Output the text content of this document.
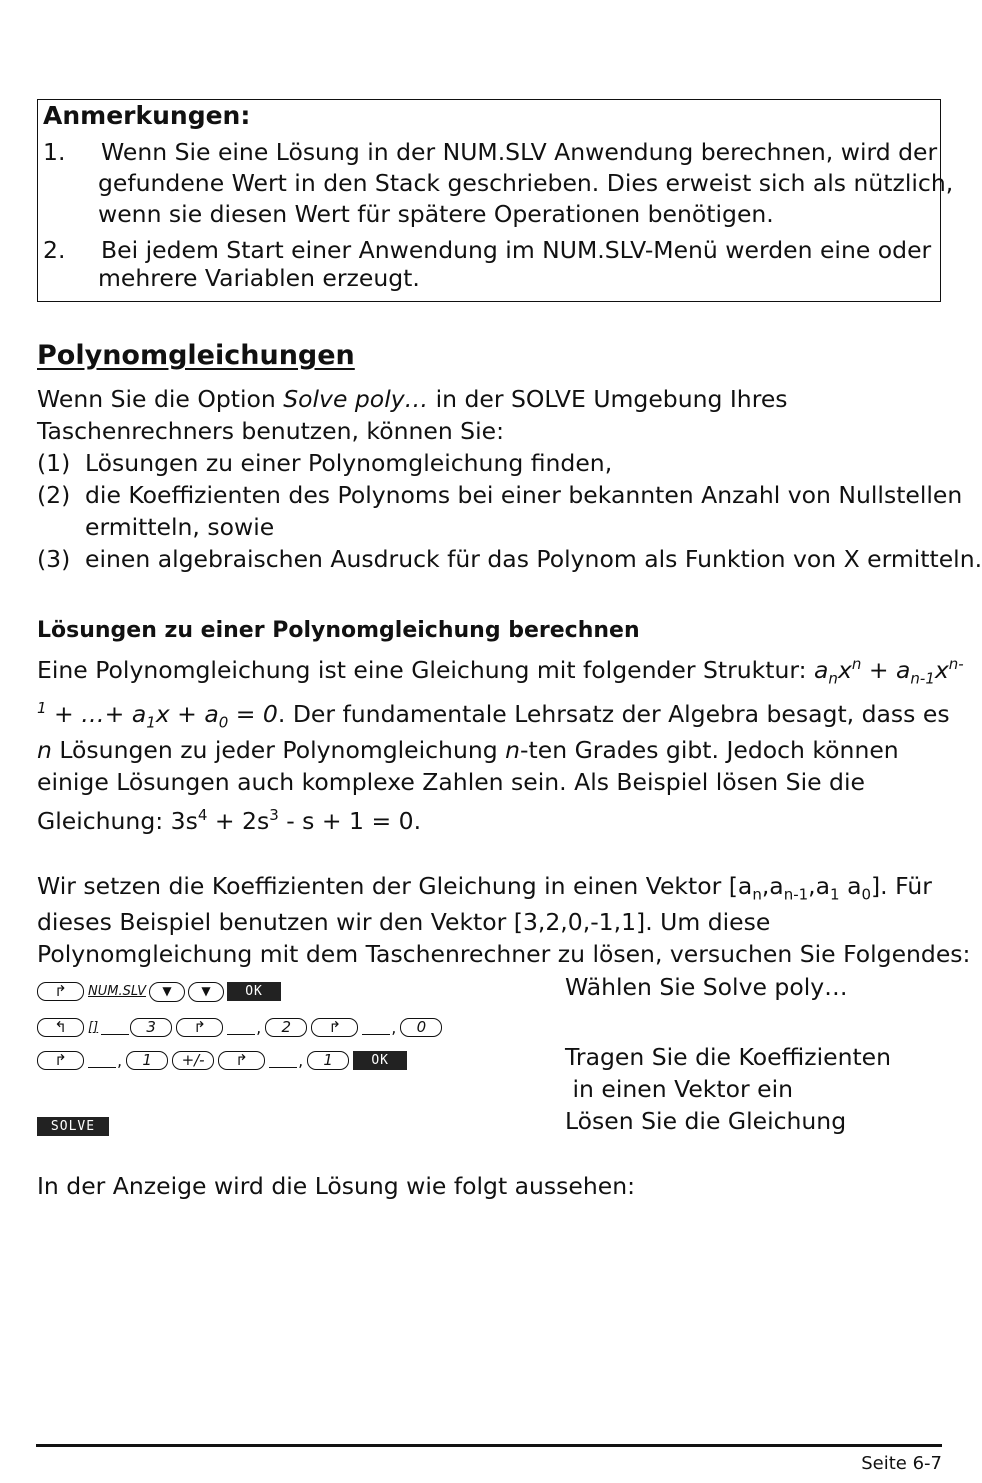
Anmerkungen:
1. Wenn Sie eine Lösung in der NUM.SLV Anwendung berechnen, wird der
gefundene Wert in den Stack geschrieben. Dies erweist sich als nützlich,
wenn sie diesen Wert für spätere Operationen benötigen.
2. Bei jedem Start einer Anwendung im NUM.SLV-Menü werden eine oder
mehrere Variablen erzeugt.
Polynomgleichungen
Wenn Sie die Option Solve poly… in der SOLVE Umgebung Ihres
Taschenrechners benutzen, können Sie:
(1) Lösungen zu einer Polynomgleichung finden,
(2) die Koeffizienten des Polynoms bei einer bekannten Anzahl von Nullstellen
ermitteln, sowie
(3) einen algebraischen Ausdruck für das Polynom als Funktion von X ermitteln.
Lösungen zu einer Polynomgleichung berechnen
Eine Polynomgleichung ist eine Gleichung mit folgender Struktur: $a_nx^n + a_{n-1}x^{n-}$
$^1$ + …+ $a_1x + a_0 = 0$. Der fundamentale Lehrsatz der Algebra besagt, dass es
n Lösungen zu jeder Polynomgleichung n-ten Grades gibt. Jedoch können
einige Lösungen auch komplexe Zahlen sein. Als Beispiel lösen Sie die
Gleichung: $3s^4 + 2s^3 - s + 1 = 0$.
Wir setzen die Koeffizienten der Gleichung in einen Vektor [$a_n,a_{n-1},a_1$ $a_0$]. Für
dieses Beispiel benutzen wir den Vektor [3,2,0,-1,1]. Um diese
Polynomgleichung mit dem Taschenrechner zu lösen, versuchen Sie Folgendes:
↱ NUM.SLV ▼ ▼	OK	Wählen Sie Solve poly…
↰ []	3 ↱	, 2 ↱	, 0
↱	, 1 +/- ↱	, 1	OK	Tragen Sie die Koeffizienten
in einen Vektor ein
SOLVE	Lösen Sie die Gleichung
In der Anzeige wird die Lösung wie folgt aussehen:
Seite 6-7
